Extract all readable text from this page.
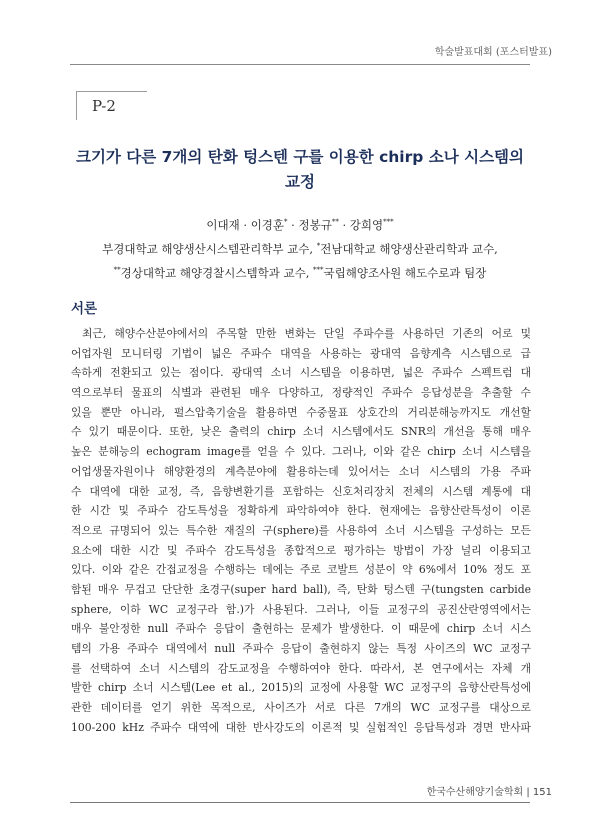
학술발표대회 (포스터발표)
P-2
크기가 다른 7개의 탄화 텅스텐 구를 이용한 chirp 소나 시스템의
교정
이대재 · 이경훈* · 정봉규** · 강희영***
부경대학교 해양생산시스템관리학부 교수, *전남대학교 해양생산관리학과 교수,
**경상대학교 해양경찰시스템학과 교수, ***국립해양조사원 해도수로과 팀장
서론
최근, 해양수산분야에서의 주목할 만한 변화는 단일 주파수를 사용하던 기존의 어로 및
어업자원 모니터링 기법이 넓은 주파수 대역을 사용하는 광대역 음향계측 시스템으로 급
속하게 전환되고 있는 점이다. 광대역 소너 시스템을 이용하면, 넓은 주파수 스펙트럼 대
역으로부터 물표의 식별과 관련된 매우 다양하고, 정량적인 주파수 응답성분을 추출할 수
있을 뿐만 아니라, 펄스압축기술을 활용하면 수중물표 상호간의 거리분해능까지도 개선할
수 있기 때문이다. 또한, 낮은 출력의 chirp 소너 시스템에서도 SNR의 개선을 통해 매우
높은 분해능의 echogram image를 얻을 수 있다. 그러나, 이와 같은 chirp 소너 시스템을
어업생물자원이나 해양환경의 계측분야에 활용하는데 있어서는 소너 시스템의 가용 주파
수 대역에 대한 교정, 즉, 음향변환기를 포함하는 신호처리장치 전체의 시스템 계통에 대
한 시간 및 주파수 감도특성을 정확하게 파악하여야 한다. 현재에는 음향산란특성이 이론
적으로 규명되어 있는 특수한 재질의 구(sphere)를 사용하여 소너 시스템을 구성하는 모든
요소에 대한 시간 및 주파수 감도특성을 종합적으로 평가하는 방법이 가장 널리 이용되고
있다. 이와 같은 간접교정을 수행하는 데에는 주로 코발트 성분이 약 6%에서 10% 정도 포
함된 매우 무겁고 단단한 초경구(super hard ball), 즉, 탄화 텅스텐 구(tungsten carbide
sphere, 이하 WC 교정구라 함.)가 사용된다. 그러나, 이들 교정구의 공진산란영역에서는
매우 불안정한 null 주파수 응답이 출현하는 문제가 발생한다. 이 때문에 chirp 소너 시스
템의 가용 주파수 대역에서 null 주파수 응답이 출현하지 않는 특정 사이즈의 WC 교정구
를 선택하여 소너 시스템의 감도교정을 수행하여야 한다. 따라서, 본 연구에서는 자체 개
발한 chirp 소너 시스템(Lee et al., 2015)의 교정에 사용할 WC 교정구의 음향산란특성에
관한 데이터를 얻기 위한 목적으로, 사이즈가 서로 다른 7개의 WC 교정구를 대상으로
100-200 kHz 주파수 대역에 대한 반사강도의 이론적 및 실험적인 응답특성과 경면 반사파
한국수산해양기술학회 | 151
